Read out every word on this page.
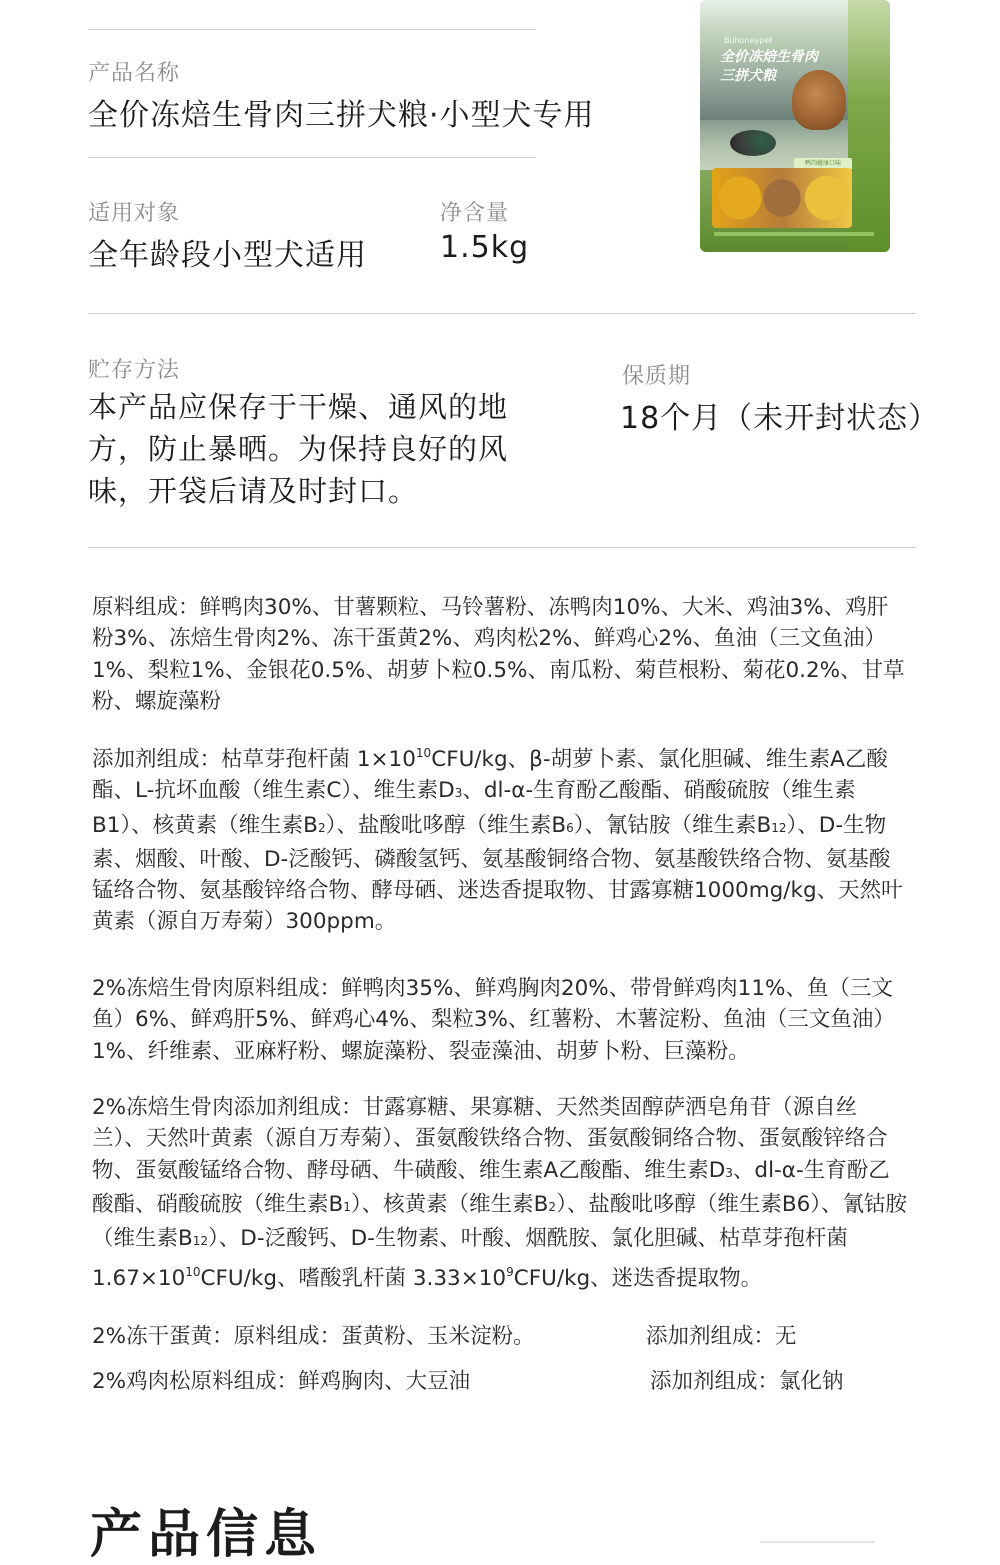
产品名称
全价冻焙生骨肉三拼犬粮·小型犬专用
适用对象
全年龄段小型犬适用
净含量
1.5kg
Buhoneypet
全价冻焙生骨肉
三拼犬粮
鸭肉健康口味
贮存方法
本产品应保存于干燥、通风的地方，防止暴晒。为保持良好的风味，开袋后请及时封口。
保质期
18个月（未开封状态）
原料组成：鲜鸭肉30%、甘薯颗粒、马铃薯粉、冻鸭肉10%、大米、鸡油3%、鸡肝粉3%、冻焙生骨肉2%、冻干蛋黄2%、鸡肉松2%、鲜鸡心2%、鱼油（三文鱼油）1%、梨粒1%、金银花0.5%、胡萝卜粒0.5%、南瓜粉、菊苣根粉、菊花0.2%、甘草粉、螺旋藻粉
添加剂组成：枯草芽孢杆菌 $1\times 10^{10}CFU/kg$、β-胡萝卜素、氯化胆碱、维生素A乙酸酯、L-抗坏血酸（维生素C）、维生素D3、dl-α-生育酚乙酸酯、硝酸硫胺（维生素B1）、核黄素（维生素B2）、盐酸吡哆醇（维生素B6）、氰钴胺（维生素B12）、D-生物素、烟酸、叶酸、D-泛酸钙、磷酸氢钙、氨基酸铜络合物、氨基酸铁络合物、氨基酸锰络合物、氨基酸锌络合物、酵母硒、迷迭香提取物、甘露寡糖1000mg/kg、天然叶黄素（源自万寿菊）300ppm。
2%冻焙生骨肉原料组成：鲜鸭肉35%、鲜鸡胸肉20%、带骨鲜鸡肉11%、鱼（三文鱼）6%、鲜鸡肝5%、鲜鸡心4%、梨粒3%、红薯粉、木薯淀粉、鱼油（三文鱼油）1%、纤维素、亚麻籽粉、螺旋藻粉、裂壶藻油、胡萝卜粉、巨藻粉。
2%冻焙生骨肉添加剂组成：甘露寡糖、果寡糖、天然类固醇萨洒皂角苷（源自丝兰）、天然叶黄素（源自万寿菊）、蛋氨酸铁络合物、蛋氨酸铜络合物、蛋氨酸锌络合物、蛋氨酸锰络合物、酵母硒、牛磺酸、维生素A乙酸酯、维生素D3、dl-α-生育酚乙酸酯、硝酸硫胺（维生素B1）、核黄素（维生素B2）、盐酸吡哆醇（维生素B6）、氰钴胺（维生素B12）、D-泛酸钙、D-生物素、叶酸、烟酰胺、氯化胆碱、枯草芽孢杆菌$1.67\times 10^{10}CFU/kg$、嗜酸乳杆菌 $3.33\times 10^9CFU/kg$、迷迭香提取物。
2%冻干蛋黄：原料组成：蛋黄粉、玉米淀粉。	添加剂组成：无
2%鸡肉松原料组成：鲜鸡胸肉、大豆油	添加剂组成：氯化钠
产品信息
